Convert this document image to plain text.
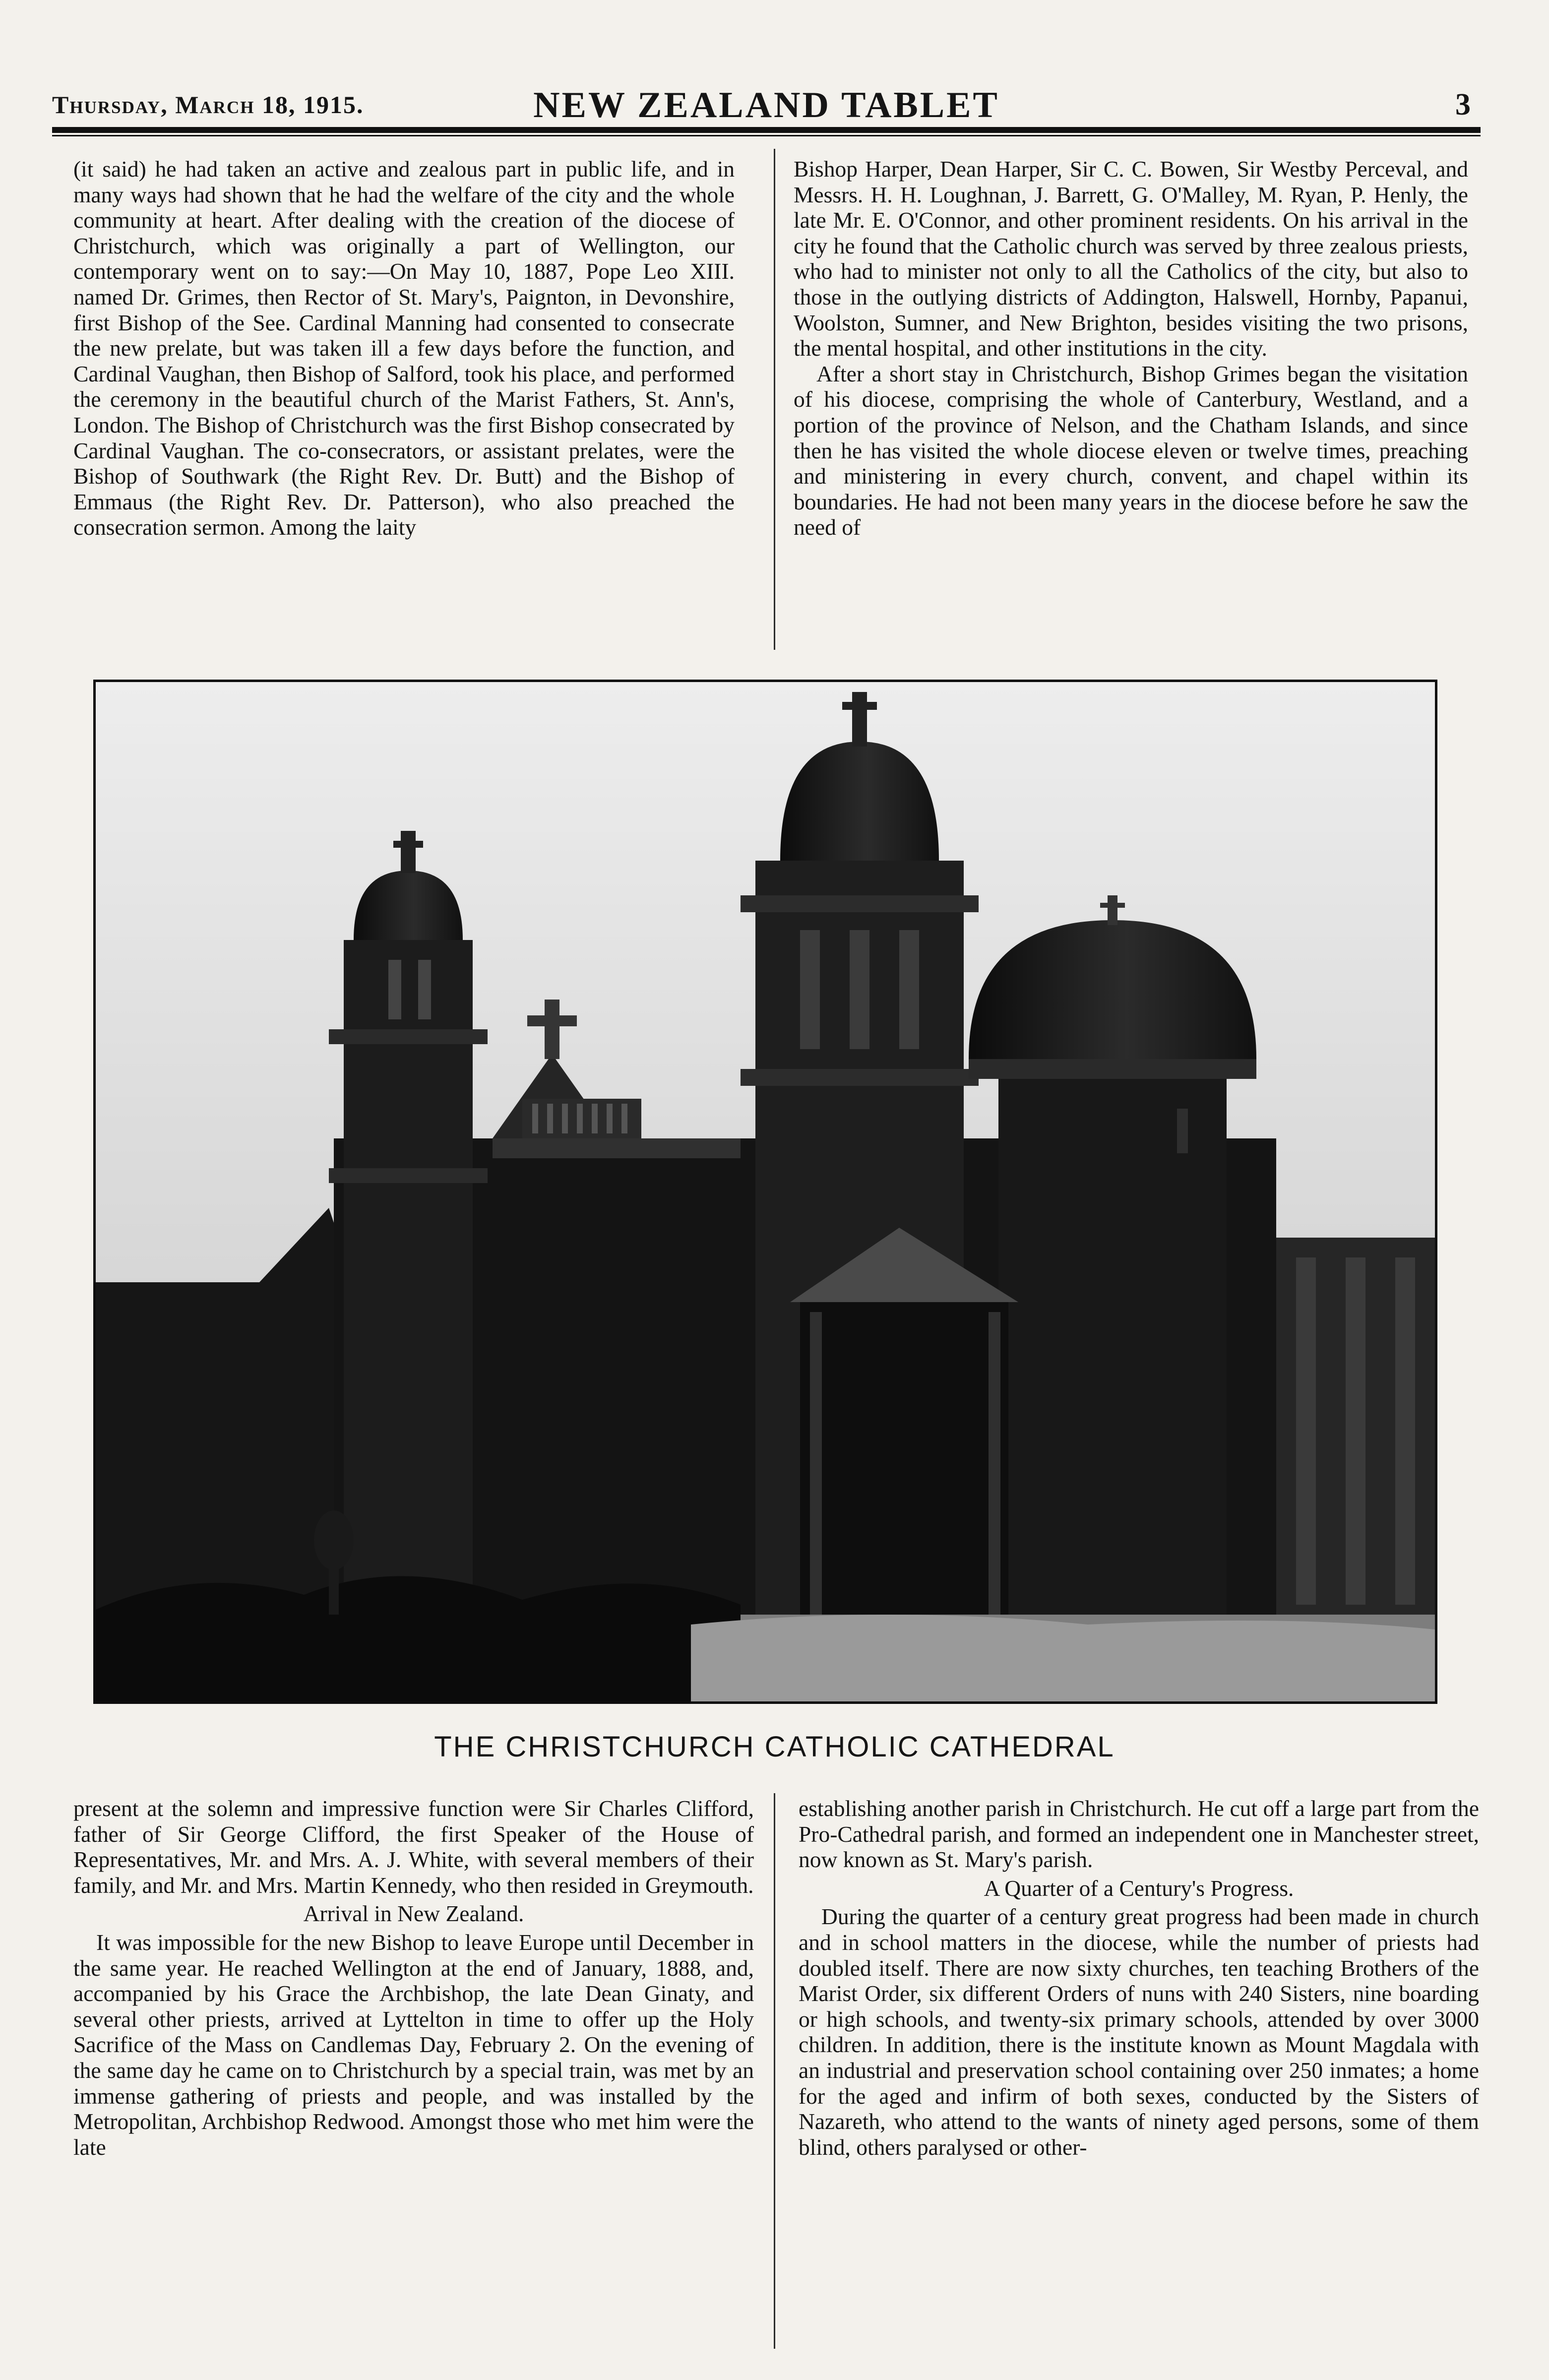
Thursday, March 18, 1915.	NEW ZEALAND TABLET	3

(it said) he had taken an active and zealous part in public life, and in many ways had shown that he had the welfare of the city and the whole community at heart. After dealing with the creation of the diocese of Christchurch, which was originally a part of Wellington, our contemporary went on to say:—On May 10, 1887, Pope Leo XIII. named Dr. Grimes, then Rector of St. Mary's, Paignton, in Devonshire, first Bishop of the See. Cardinal Manning had consented to consecrate the new prelate, but was taken ill a few days before the function, and Cardinal Vaughan, then Bishop of Salford, took his place, and performed the ceremony in the beautiful church of the Marist Fathers, St. Ann's, London. The Bishop of Christchurch was the first Bishop consecrated by Cardinal Vaughan. The co-consecrators, or assistant prelates, were the Bishop of Southwark (the Right Rev. Dr. Butt) and the Bishop of Emmaus (the Right Rev. Dr. Patterson), who also preached the consecration sermon. Among the laity

Bishop Harper, Dean Harper, Sir C. C. Bowen, Sir Westby Perceval, and Messrs. H. H. Loughnan, J. Barrett, G. O'Malley, M. Ryan, P. Henly, the late Mr. E. O'Connor, and other prominent residents. On his arrival in the city he found that the Catholic church was served by three zealous priests, who had to minister not only to all the Catholics of the city, but also to those in the outlying districts of Addington, Halswell, Hornby, Papanui, Woolston, Sumner, and New Brighton, besides visiting the two prisons, the mental hospital, and other institutions in the city.

After a short stay in Christchurch, Bishop Grimes began the visitation of his diocese, comprising the whole of Canterbury, Westland, and a portion of the province of Nelson, and the Chatham Islands, and since then he has visited the whole diocese eleven or twelve times, preaching and ministering in every church, convent, and chapel within its boundaries. He had not been many years in the diocese before he saw the need of

THE CHRISTCHURCH CATHOLIC CATHEDRAL

present at the solemn and impressive function were Sir Charles Clifford, father of Sir George Clifford, the first Speaker of the House of Representatives, Mr. and Mrs. A. J. White, with several members of their family, and Mr. and Mrs. Martin Kennedy, who then resided in Greymouth.

Arrival in New Zealand.

It was impossible for the new Bishop to leave Europe until December in the same year. He reached Wellington at the end of January, 1888, and, accompanied by his Grace the Archbishop, the late Dean Ginaty, and several other priests, arrived at Lyttelton in time to offer up the Holy Sacrifice of the Mass on Candlemas Day, February 2. On the evening of the same day he came on to Christchurch by a special train, was met by an immense gathering of priests and people, and was installed by the Metropolitan, Archbishop Redwood. Amongst those who met him were the late

establishing another parish in Christchurch. He cut off a large part from the Pro-Cathedral parish, and formed an independent one in Manchester street, now known as St. Mary's parish.

A Quarter of a Century's Progress.

During the quarter of a century great progress had been made in church and in school matters in the diocese, while the number of priests had doubled itself. There are now sixty churches, ten teaching Brothers of the Marist Order, six different Orders of nuns with 240 Sisters, nine boarding or high schools, and twenty-six primary schools, attended by over 3000 children. In addition, there is the institute known as Mount Magdala with an industrial and preservation school containing over 250 inmates; a home for the aged and infirm of both sexes, conducted by the Sisters of Nazareth, who attend to the wants of ninety aged persons, some of them blind, others paralysed or other-
